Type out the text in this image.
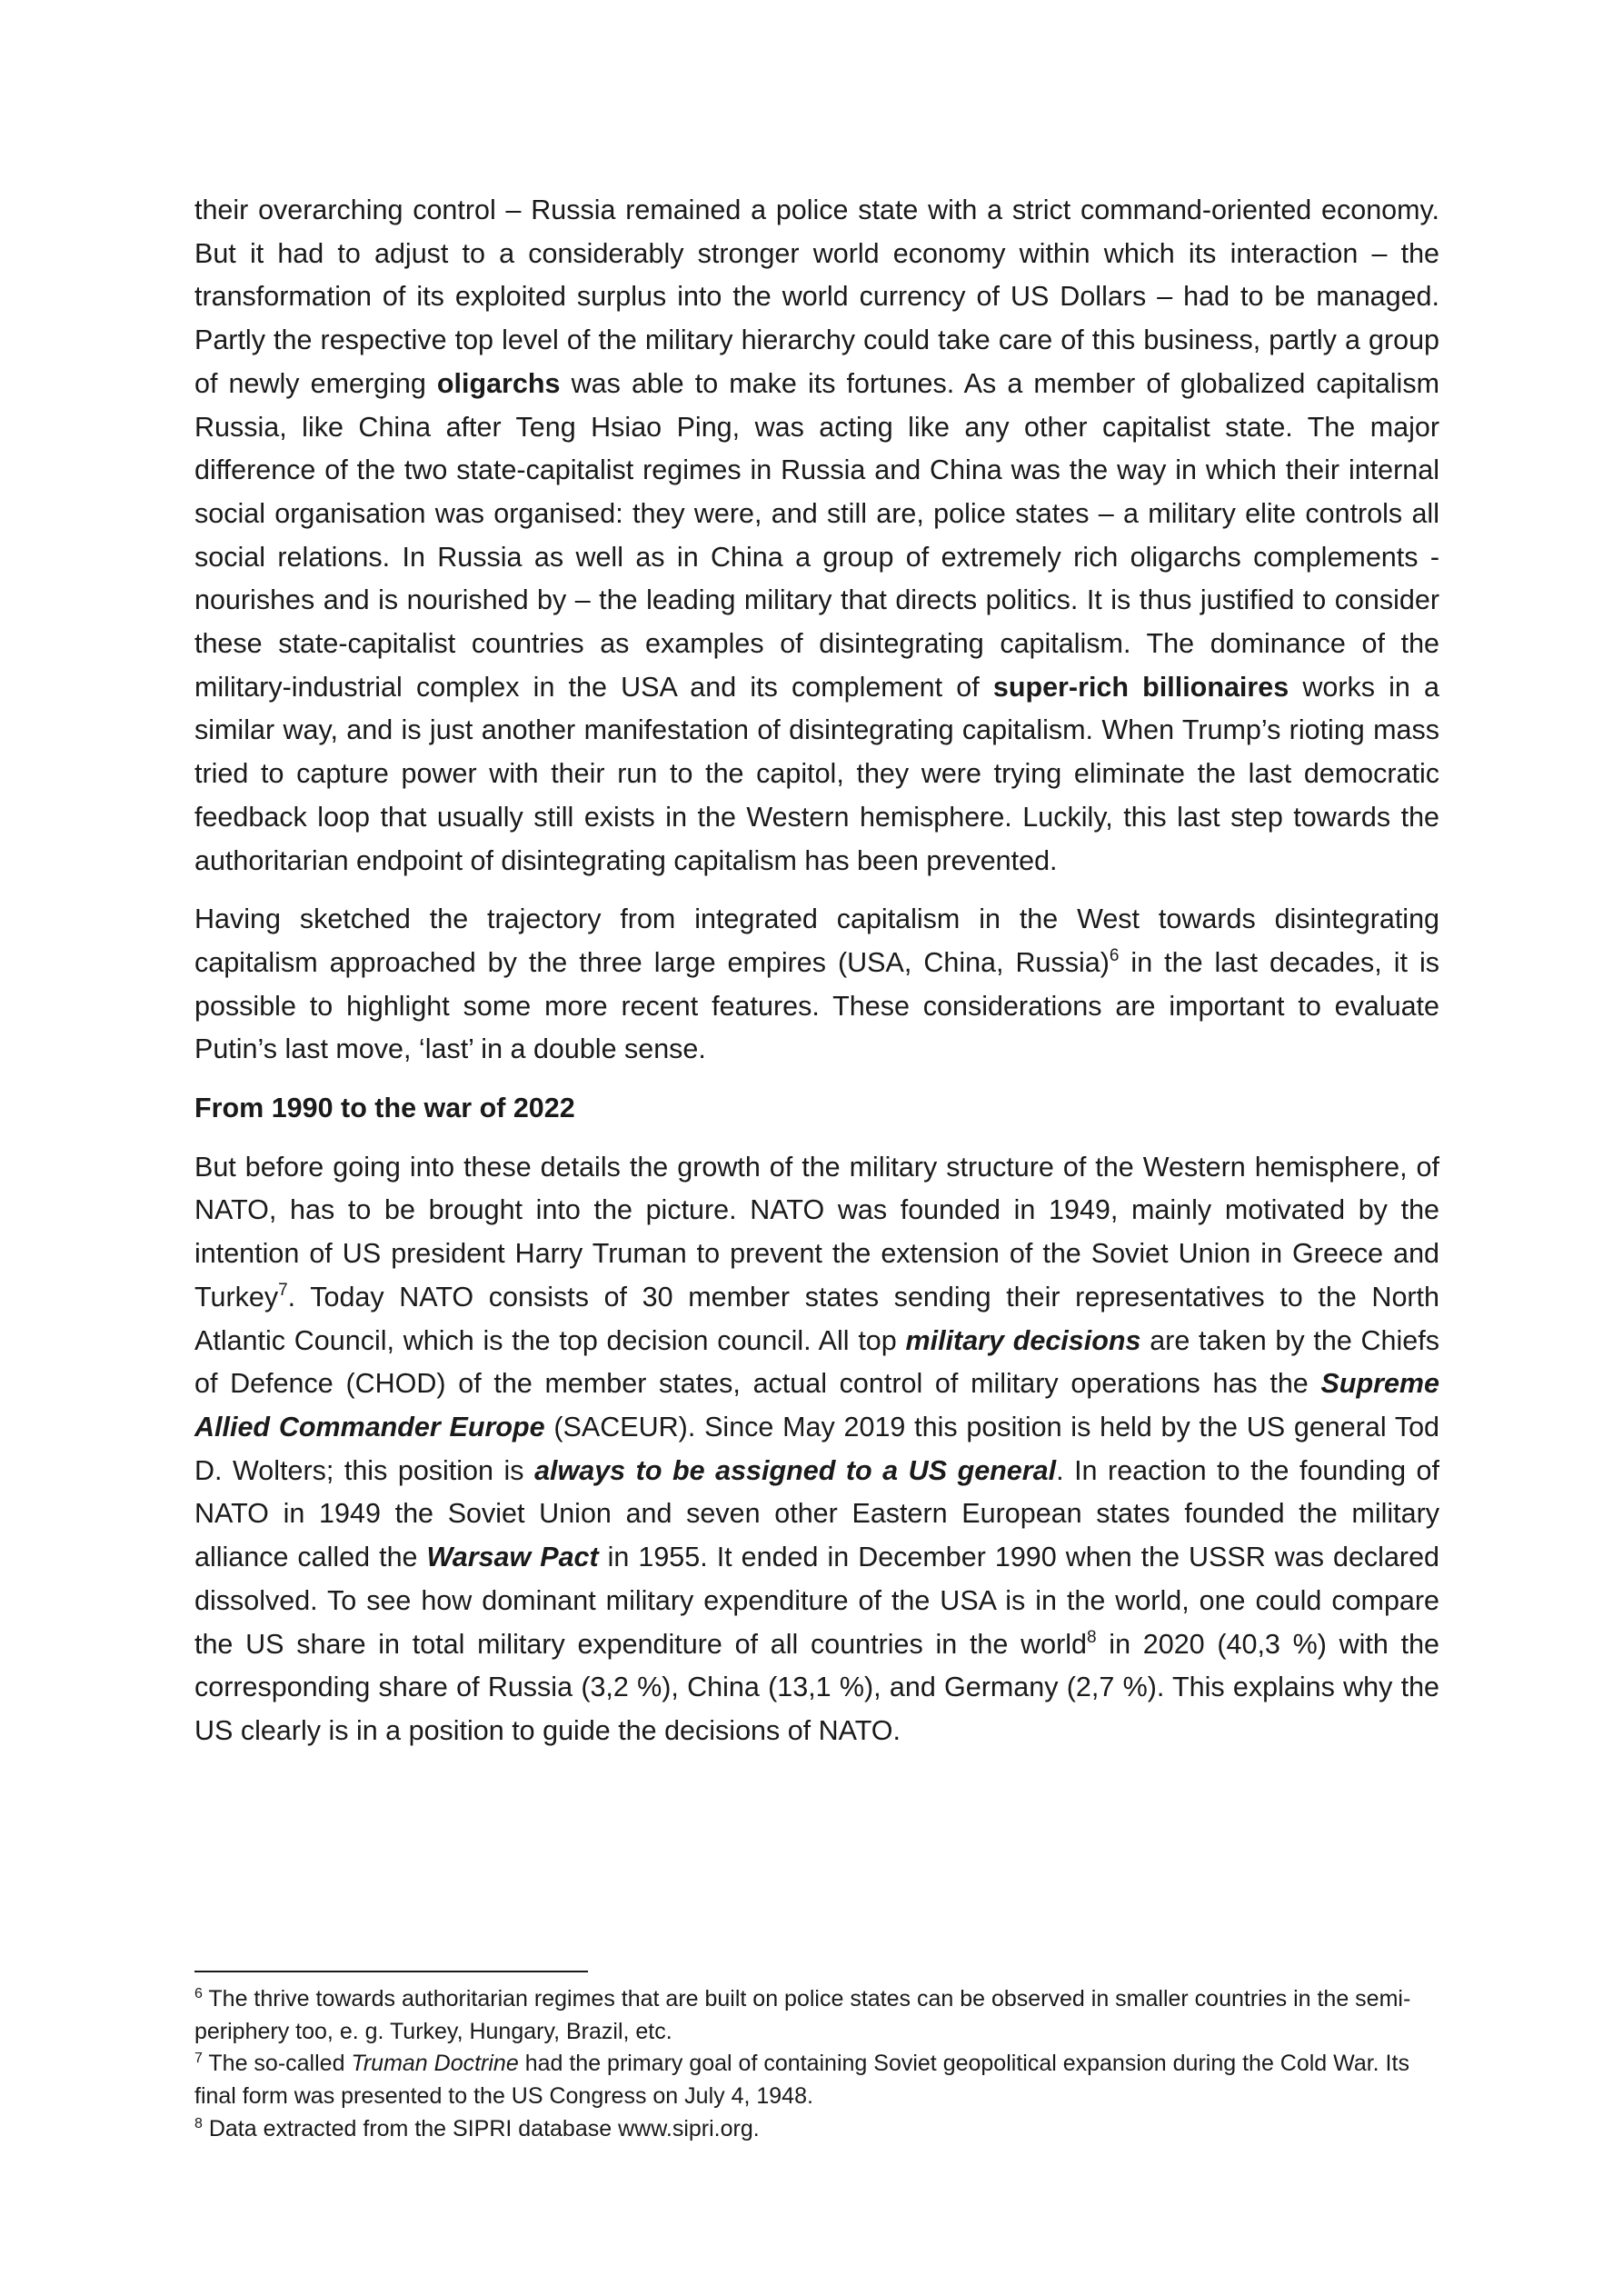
their overarching control – Russia remained a police state with a strict command-oriented economy. But it had to adjust to a considerably stronger world economy within which its interaction – the transformation of its exploited surplus into the world currency of US Dollars – had to be managed. Partly the respective top level of the military hierarchy could take care of this business, partly a group of newly emerging oligarchs was able to make its fortunes. As a member of globalized capitalism Russia, like China after Teng Hsiao Ping, was acting like any other capitalist state. The major difference of the two state-capitalist regimes in Russia and China was the way in which their internal social organisation was organised: they were, and still are, police states – a military elite controls all social relations. In Russia as well as in China a group of extremely rich oligarchs complements - nourishes and is nourished by – the leading military that directs politics. It is thus justified to consider these state-capitalist countries as examples of disintegrating capitalism. The dominance of the military-industrial complex in the USA and its complement of super-rich billionaires works in a similar way, and is just another manifestation of disintegrating capitalism. When Trump’s rioting mass tried to capture power with their run to the capitol, they were trying eliminate the last democratic feedback loop that usually still exists in the Western hemisphere. Luckily, this last step towards the authoritarian endpoint of disintegrating capitalism has been prevented.

Having sketched the trajectory from integrated capitalism in the West towards disintegrating capitalism approached by the three large empires (USA, China, Russia)$^6$ in the last decades, it is possible to highlight some more recent features. These considerations are important to evaluate Putin’s last move, ‘last’ in a double sense.

From 1990 to the war of 2022

But before going into these details the growth of the military structure of the Western hemisphere, of NATO, has to be brought into the picture. NATO was founded in 1949, mainly motivated by the intention of US president Harry Truman to prevent the extension of the Soviet Union in Greece and Turkey$^7$. Today NATO consists of 30 member states sending their representatives to the North Atlantic Council, which is the top decision council. All top military decisions are taken by the Chiefs of Defence (CHOD) of the member states, actual control of military operations has the Supreme Allied Commander Europe (SACEUR). Since May 2019 this position is held by the US general Tod D. Wolters; this position is always to be assigned to a US general. In reaction to the founding of NATO in 1949 the Soviet Union and seven other Eastern European states founded the military alliance called the Warsaw Pact in 1955. It ended in December 1990 when the USSR was declared dissolved. To see how dominant military expenditure of the USA is in the world, one could compare the US share in total military expenditure of all countries in the world$^8$ in 2020 (40,3 %) with the corresponding share of Russia (3,2 %), China (13,1 %), and Germany (2,7 %). This explains why the US clearly is in a position to guide the decisions of NATO.

$^6$ The thrive towards authoritarian regimes that are built on police states can be observed in smaller countries in the semi-periphery too, e. g. Turkey, Hungary, Brazil, etc.

$^7$ The so-called Truman Doctrine had the primary goal of containing Soviet geopolitical expansion during the Cold War. Its final form was presented to the US Congress on July 4, 1948.

$^8$ Data extracted from the SIPRI database www.sipri.org.
